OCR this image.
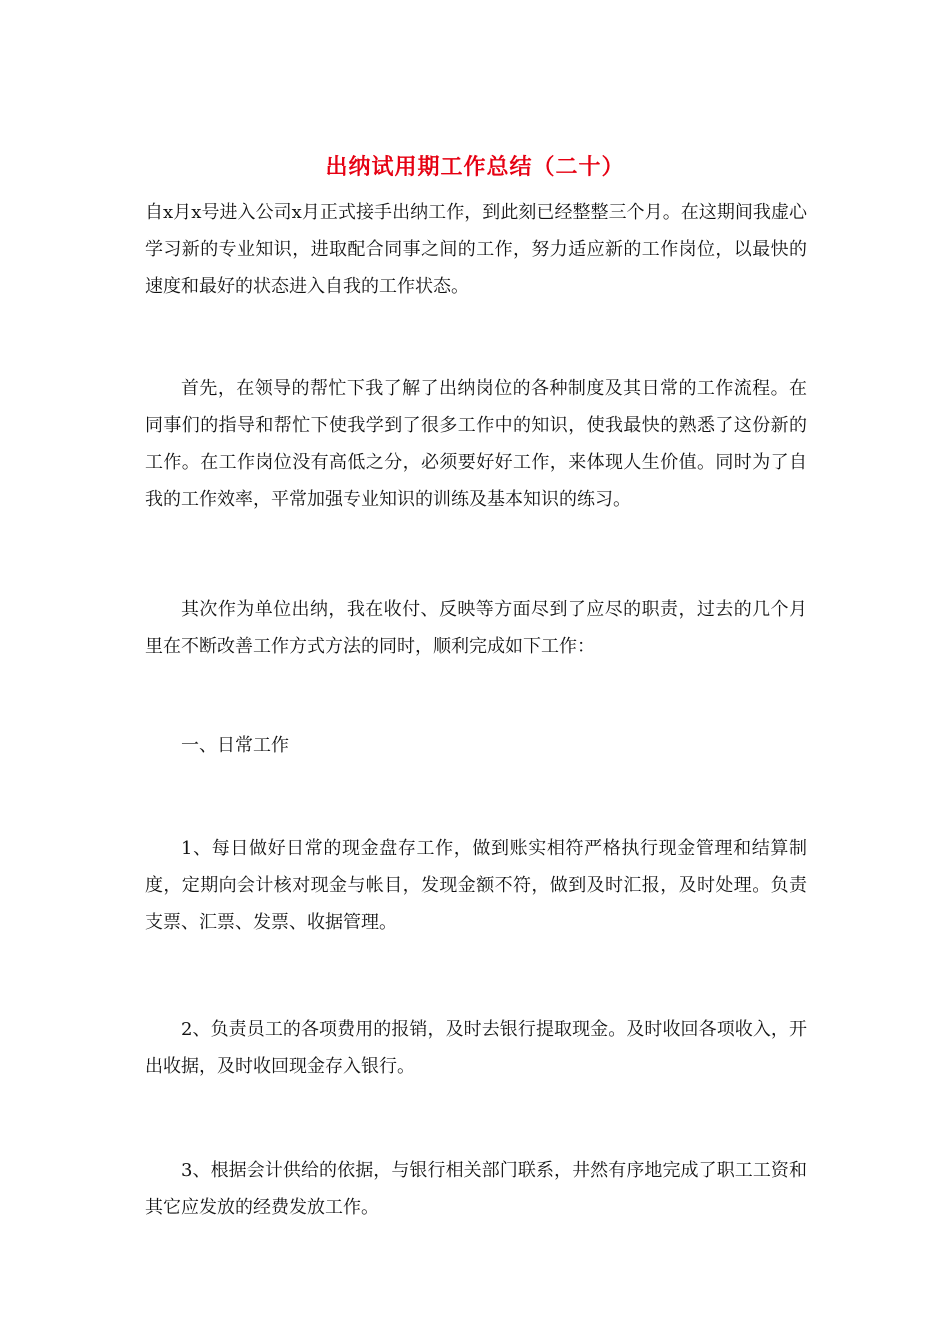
出纳试用期工作总结（二十）

自x月x号进入公司x月正式接手出纳工作，到此刻已经整整三个月。在这期间我虚心学习新的专业知识，进取配合同事之间的工作，努力适应新的工作岗位，以最快的速度和最好的状态进入自我的工作状态。

首先，在领导的帮忙下我了解了出纳岗位的各种制度及其日常的工作流程。在同事们的指导和帮忙下使我学到了很多工作中的知识，使我最快的熟悉了这份新的工作。在工作岗位没有高低之分，必须要好好工作，来体现人生价值。同时为了自我的工作效率，平常加强专业知识的训练及基本知识的练习。

其次作为单位出纳，我在收付、反映等方面尽到了应尽的职责，过去的几个月里在不断改善工作方式方法的同时，顺利完成如下工作：

一、日常工作

1、每日做好日常的现金盘存工作，做到账实相符严格执行现金管理和结算制度，定期向会计核对现金与帐目，发现金额不符，做到及时汇报，及时处理。负责支票、汇票、发票、收据管理。

2、负责员工的各项费用的报销，及时去银行提取现金。及时收回各项收入，开出收据，及时收回现金存入银行。

3、根据会计供给的依据，与银行相关部门联系，井然有序地完成了职工工资和其它应发放的经费发放工作。
